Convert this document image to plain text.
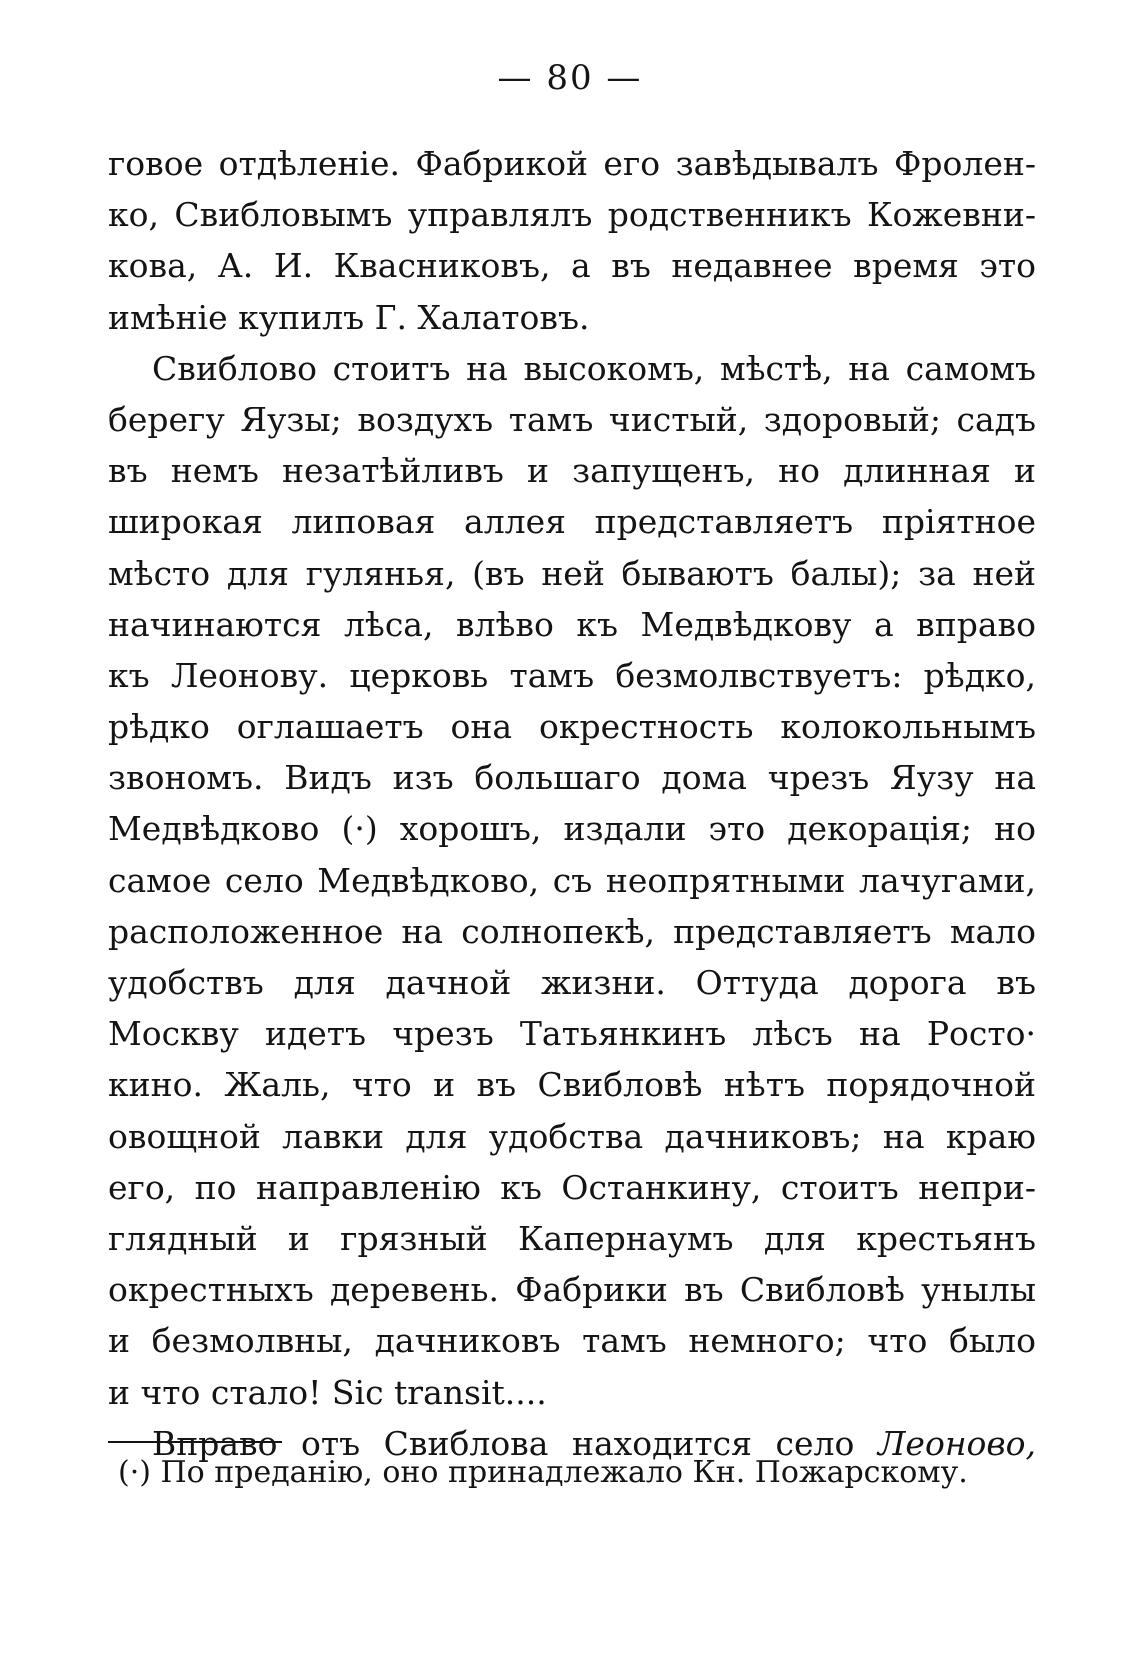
— 80 —
говое отдѣленіе. Фабрикой его завѣдывалъ Фролен-
ко, Свибловымъ управлялъ родственникъ Кожевни-
кова, А. И. Квасниковъ, а въ недавнее время это
имѣніе купилъ Г. Халатовъ.
Свиблово стоитъ на высокомъ, мѣстѣ, на самомъ
берегу Яузы; воздухъ тамъ чистый, здоровый; садъ
въ немъ незатѣйливъ и запущенъ, но длинная и
широкая липовая аллея представляетъ пріятное
мѣсто для гулянья, (въ ней бываютъ балы); за ней
начинаются лѣса, влѣво къ Медвѣдкову а вправо
къ Леонову. церковь тамъ безмолвствуетъ: рѣдко,
рѣдко оглашаетъ она окрестность колокольнымъ
звономъ. Видъ изъ большаго дома чрезъ Яузу на
Медвѣдково (·) хорошъ, издали это декорація; но
самое село Медвѣдково, съ неопрятными лачугами,
расположенное на солнопекѣ, представляетъ мало
удобствъ для дачной жизни. Оттуда дорога въ
Москву идетъ чрезъ Татьянкинъ лѣсъ на Росто·
кино. Жаль, что и въ Свибловѣ нѣтъ порядочной
овощной лавки для удобства дачниковъ; на краю
его, по направленію къ Останкину, стоитъ непри-
глядный и грязный Капернаумъ для крестьянъ
окрестныхъ деревень. Фабрики въ Свибловѣ унылы
и безмолвны, дачниковъ тамъ немного; что было
и что стало! Sic transit....
Вправо отъ Свиблова находится село Леоново,
(·) По преданію, оно принадлежало Кн. Пожарскому.
